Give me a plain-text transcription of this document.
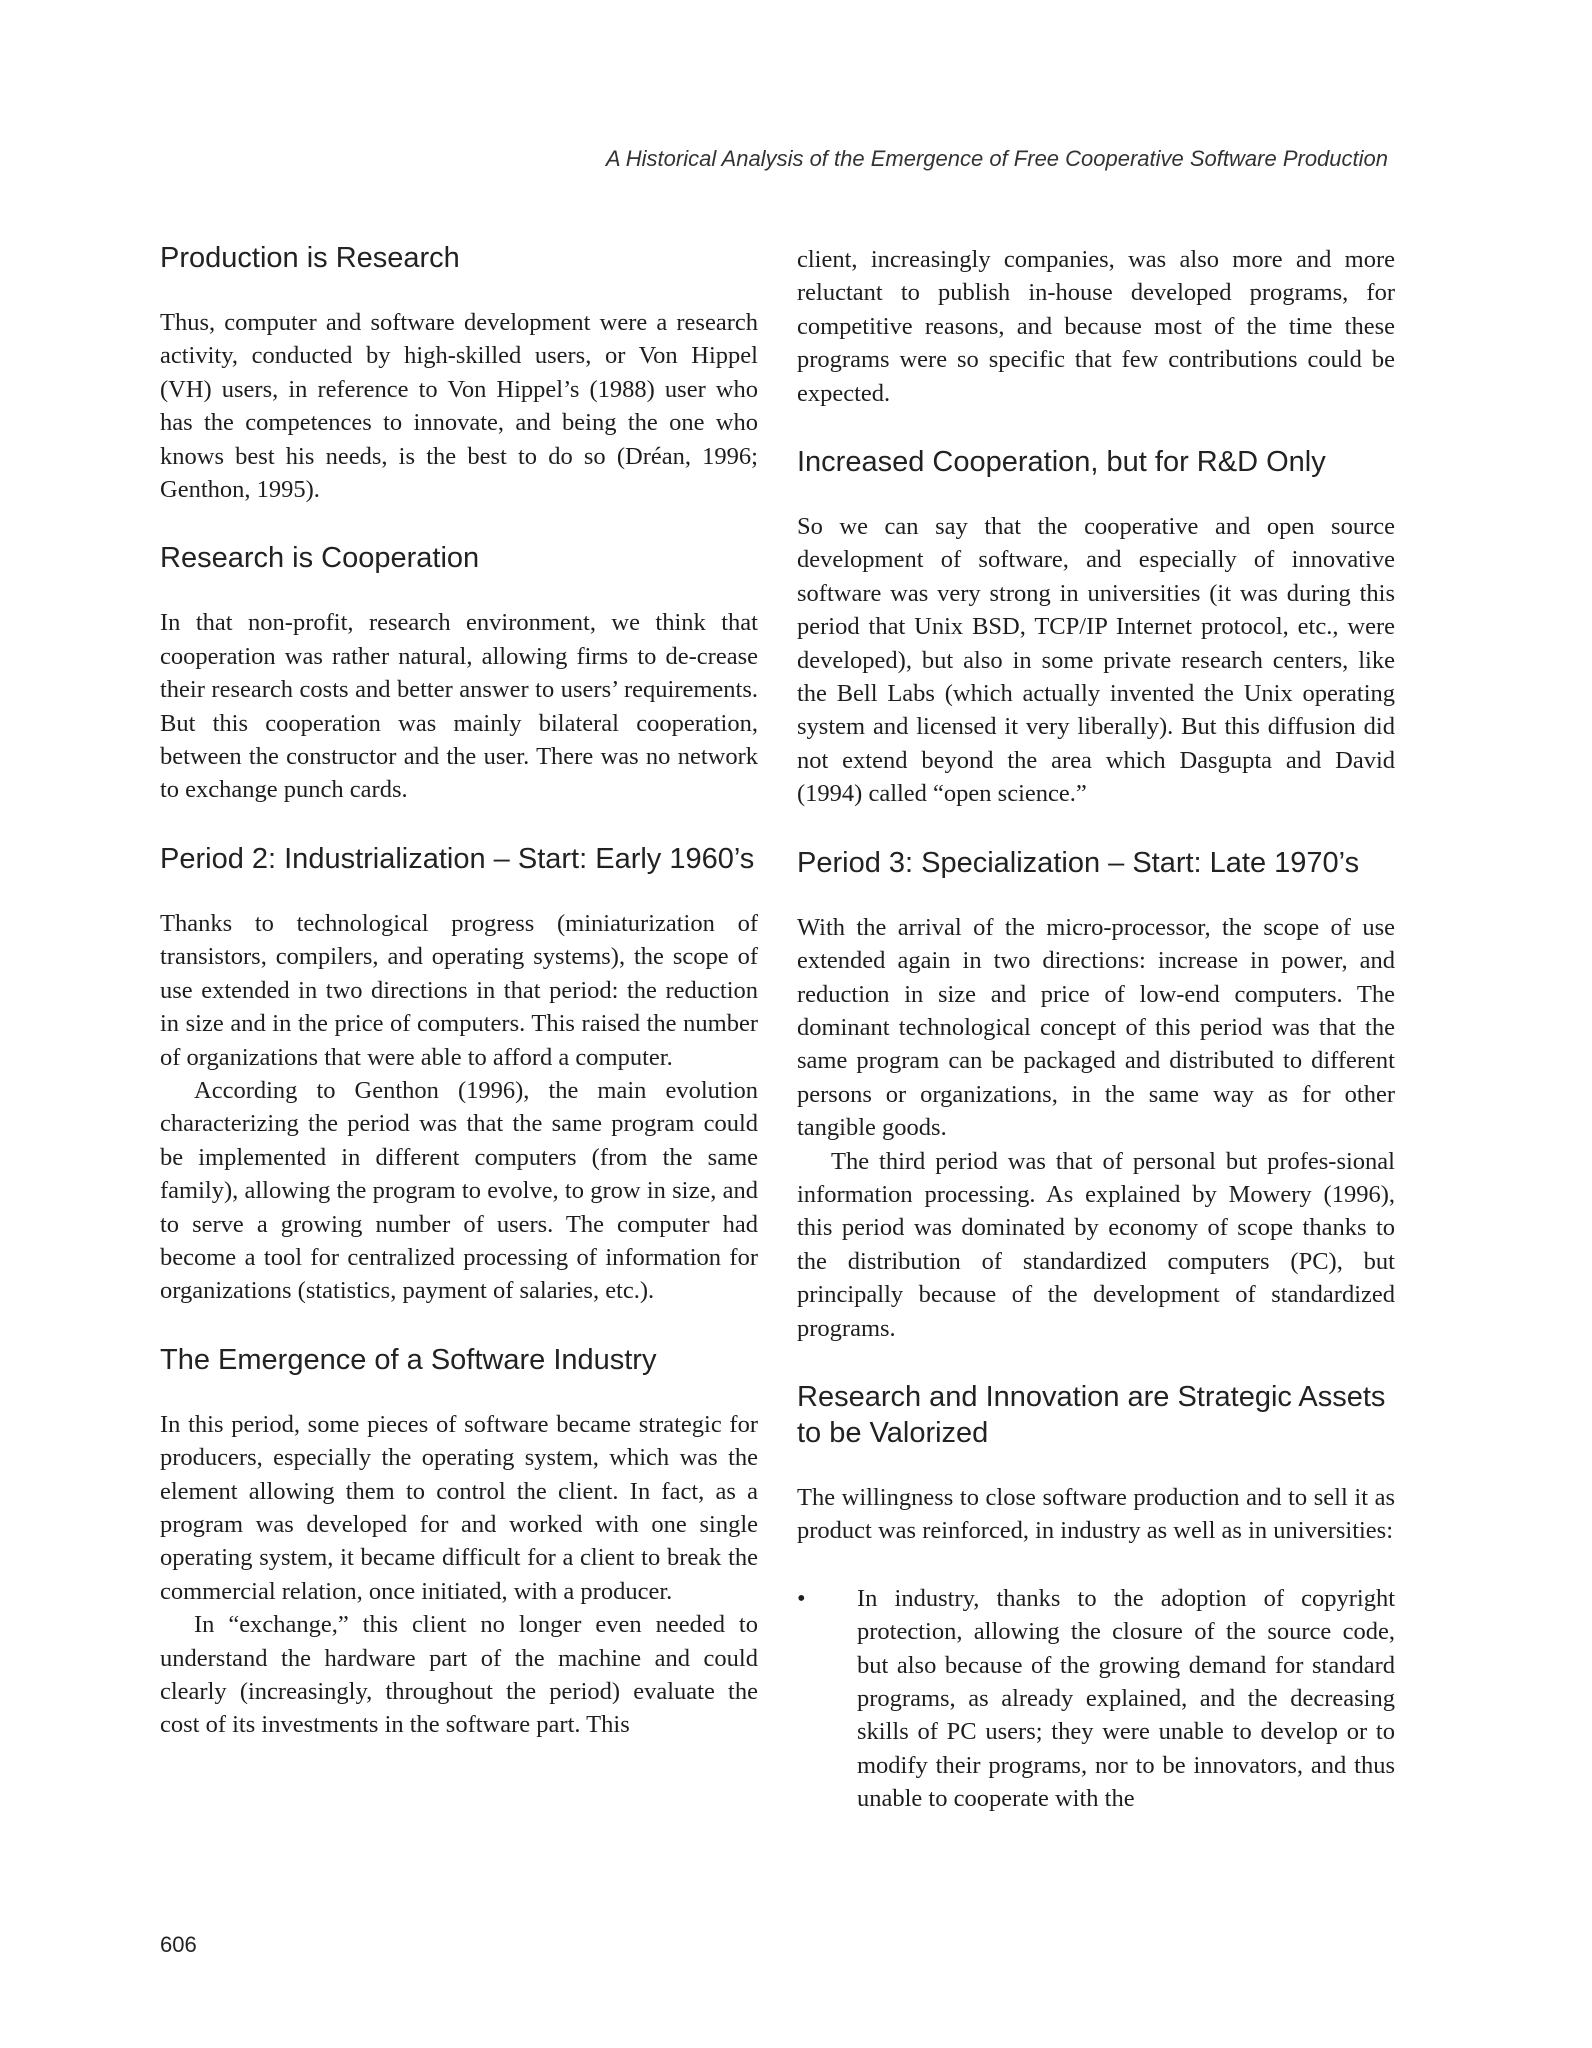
A Historical Analysis of the Emergence of Free Cooperative Software Production
Production is Research

Thus, computer and software development were a research activity, conducted by high-skilled users, or Von Hippel (VH) users, in reference to Von Hippel’s (1988) user who has the competences to innovate, and being the one who knows best his needs, is the best to do so (Dréan, 1996; Genthon, 1995).

Research is Cooperation

In that non-profit, research environment, we think that cooperation was rather natural, allowing firms to de-crease their research costs and better answer to users’ requirements. But this cooperation was mainly bilateral cooperation, between the constructor and the user. There was no network to exchange punch cards.

Period 2: Industrialization – Start: Early 1960’s

Thanks to technological progress (miniaturization of transistors, compilers, and operating systems), the scope of use extended in two directions in that period: the reduction in size and in the price of computers. This raised the number of organizations that were able to afford a computer.

According to Genthon (1996), the main evolution characterizing the period was that the same program could be implemented in different computers (from the same family), allowing the program to evolve, to grow in size, and to serve a growing number of users. The computer had become a tool for centralized processing of information for organizations (statistics, payment of salaries, etc.).

The Emergence of a Software Industry

In this period, some pieces of software became strategic for producers, especially the operating system, which was the element allowing them to control the client. In fact, as a program was developed for and worked with one single operating system, it became difficult for a client to break the commercial relation, once initiated, with a producer.

In “exchange,” this client no longer even needed to understand the hardware part of the machine and could clearly (increasingly, throughout the period) evaluate the cost of its investments in the software part. This

client, increasingly companies, was also more and more reluctant to publish in-house developed programs, for competitive reasons, and because most of the time these programs were so specific that few contributions could be expected.

Increased Cooperation, but for R&D Only

So we can say that the cooperative and open source development of software, and especially of innovative software was very strong in universities (it was during this period that Unix BSD, TCP/IP Internet protocol, etc., were developed), but also in some private research centers, like the Bell Labs (which actually invented the Unix operating system and licensed it very liberally). But this diffusion did not extend beyond the area which Dasgupta and David (1994) called “open science.”

Period 3: Specialization – Start: Late 1970’s

With the arrival of the micro-processor, the scope of use extended again in two directions: increase in power, and reduction in size and price of low-end computers. The dominant technological concept of this period was that the same program can be packaged and distributed to different persons or organizations, in the same way as for other tangible goods.

The third period was that of personal but profes-sional information processing. As explained by Mowery (1996), this period was dominated by economy of scope thanks to the distribution of standardized computers (PC), but principally because of the development of standardized programs.

Research and Innovation are Strategic Assets to be Valorized

The willingness to close software production and to sell it as product was reinforced, in industry as well as in universities:

•	In industry, thanks to the adoption of copyright protection, allowing the closure of the source code, but also because of the growing demand for standard programs, as already explained, and the decreasing skills of PC users; they were unable to develop or to modify their programs, nor to be innovators, and thus unable to cooperate with the

606
